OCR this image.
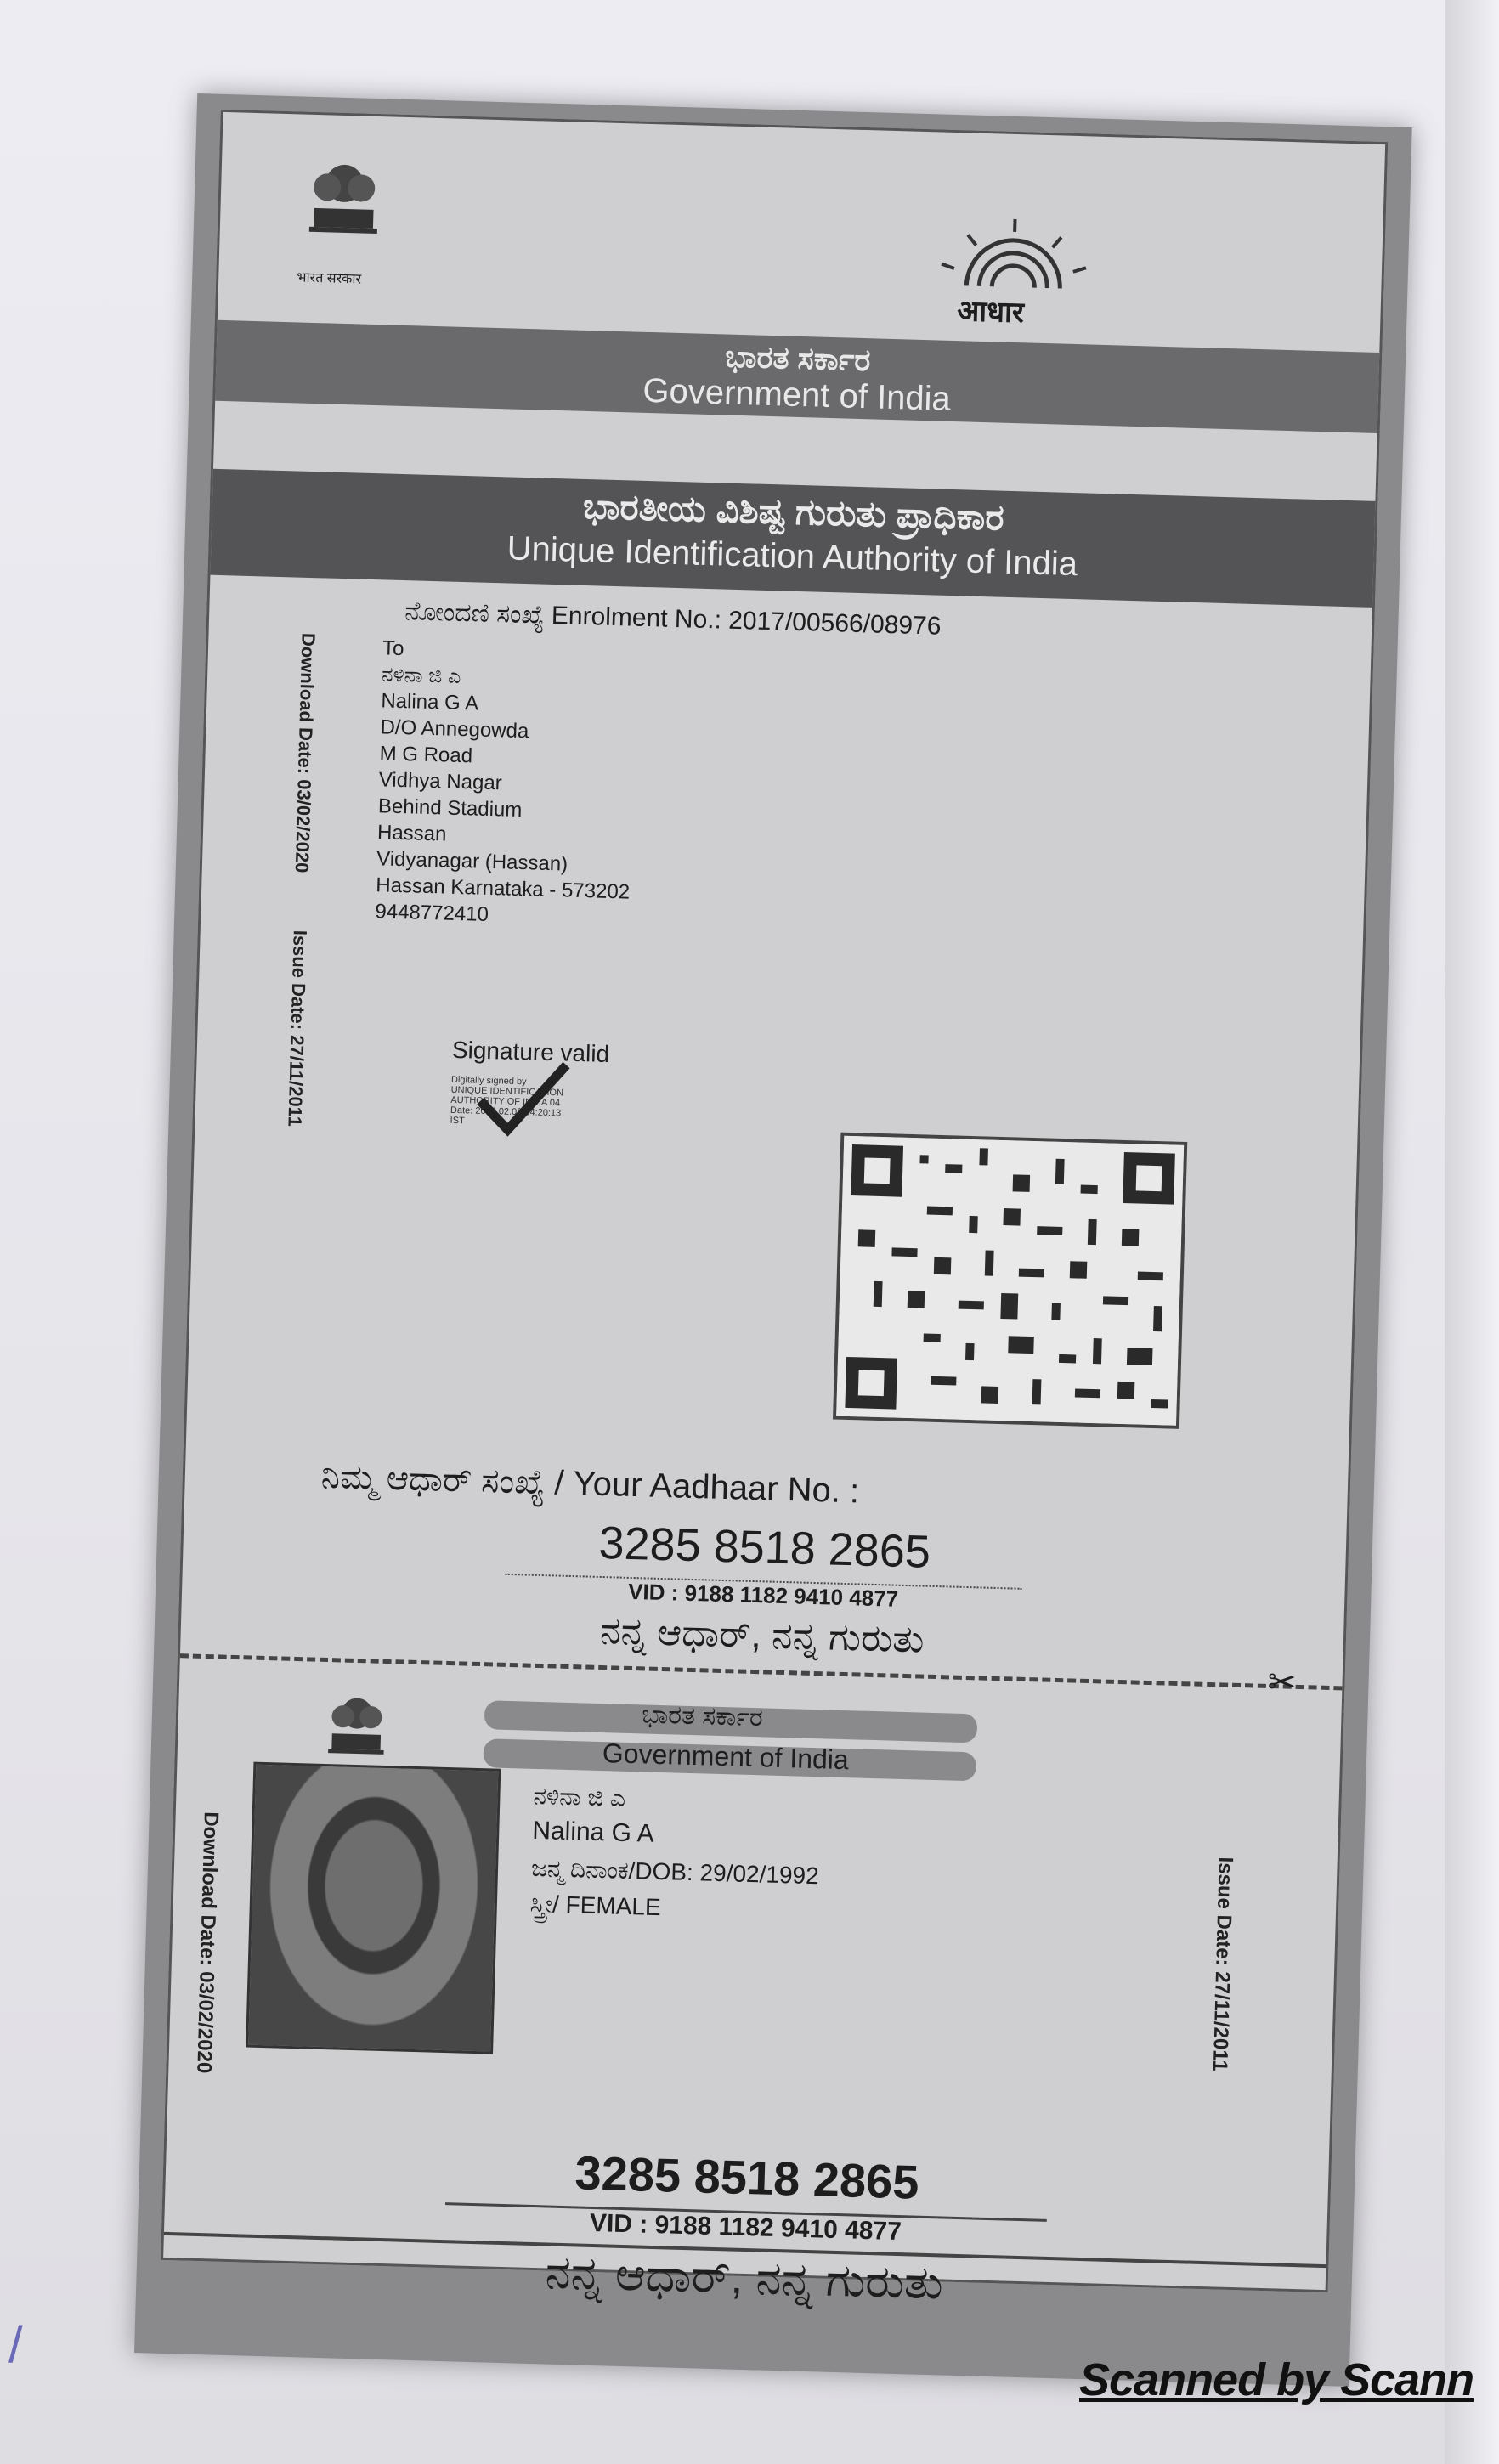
/
भारत सरकार
आधार
ಭಾರತ ಸರ್ಕಾರ
Government of India
ಭಾರತೀಯ ವಿಶಿಷ್ಟ ಗುರುತು ಪ್ರಾಧಿಕಾರ
Unique Identification Authority of India
ನೋಂದಣಿ ಸಂಖ್ಯೆ Enrolment No.: 2017/00566/08976
Download Date: 03/02/2020
Issue Date: 27/11/2011
To
ನಳಿನಾ ಜಿ ಎ
Nalina G A
D/O Annegowda
M G Road
Vidhya Nagar
Behind Stadium
Hassan
Vidyanagar (Hassan)
Hassan Karnataka - 573202
9448772410
Signature valid
Digitally signed by
UNIQUE IDENTIFICATION
AUTHORITY OF INDIA 04
Date: 2020.02.03 14:20:13
IST
ನಿಮ್ಮ ಆಧಾರ್ ಸಂಖ್ಯೆ / Your Aadhaar No. :
3285 8518 2865
VID : 9188 1182 9410 4877
ನನ್ನ ಆಧಾರ್, ನನ್ನ ಗುರುತು
✂
ಭಾರತ ಸರ್ಕಾರ
Government of India
Download Date: 03/02/2020	Issue Date: 27/11/2011
ನಳಿನಾ ಜಿ ಎ
Nalina G A
ಜನ್ಮ ದಿನಾಂಕ/DOB: 29/02/1992
ಸ್ತ್ರೀ/ FEMALE
3285 8518 2865
VID : 9188 1182 9410 4877
ನನ್ನ ಆಧಾರ್, ನನ್ನ ಗುರುತು
Scanned by Scann
